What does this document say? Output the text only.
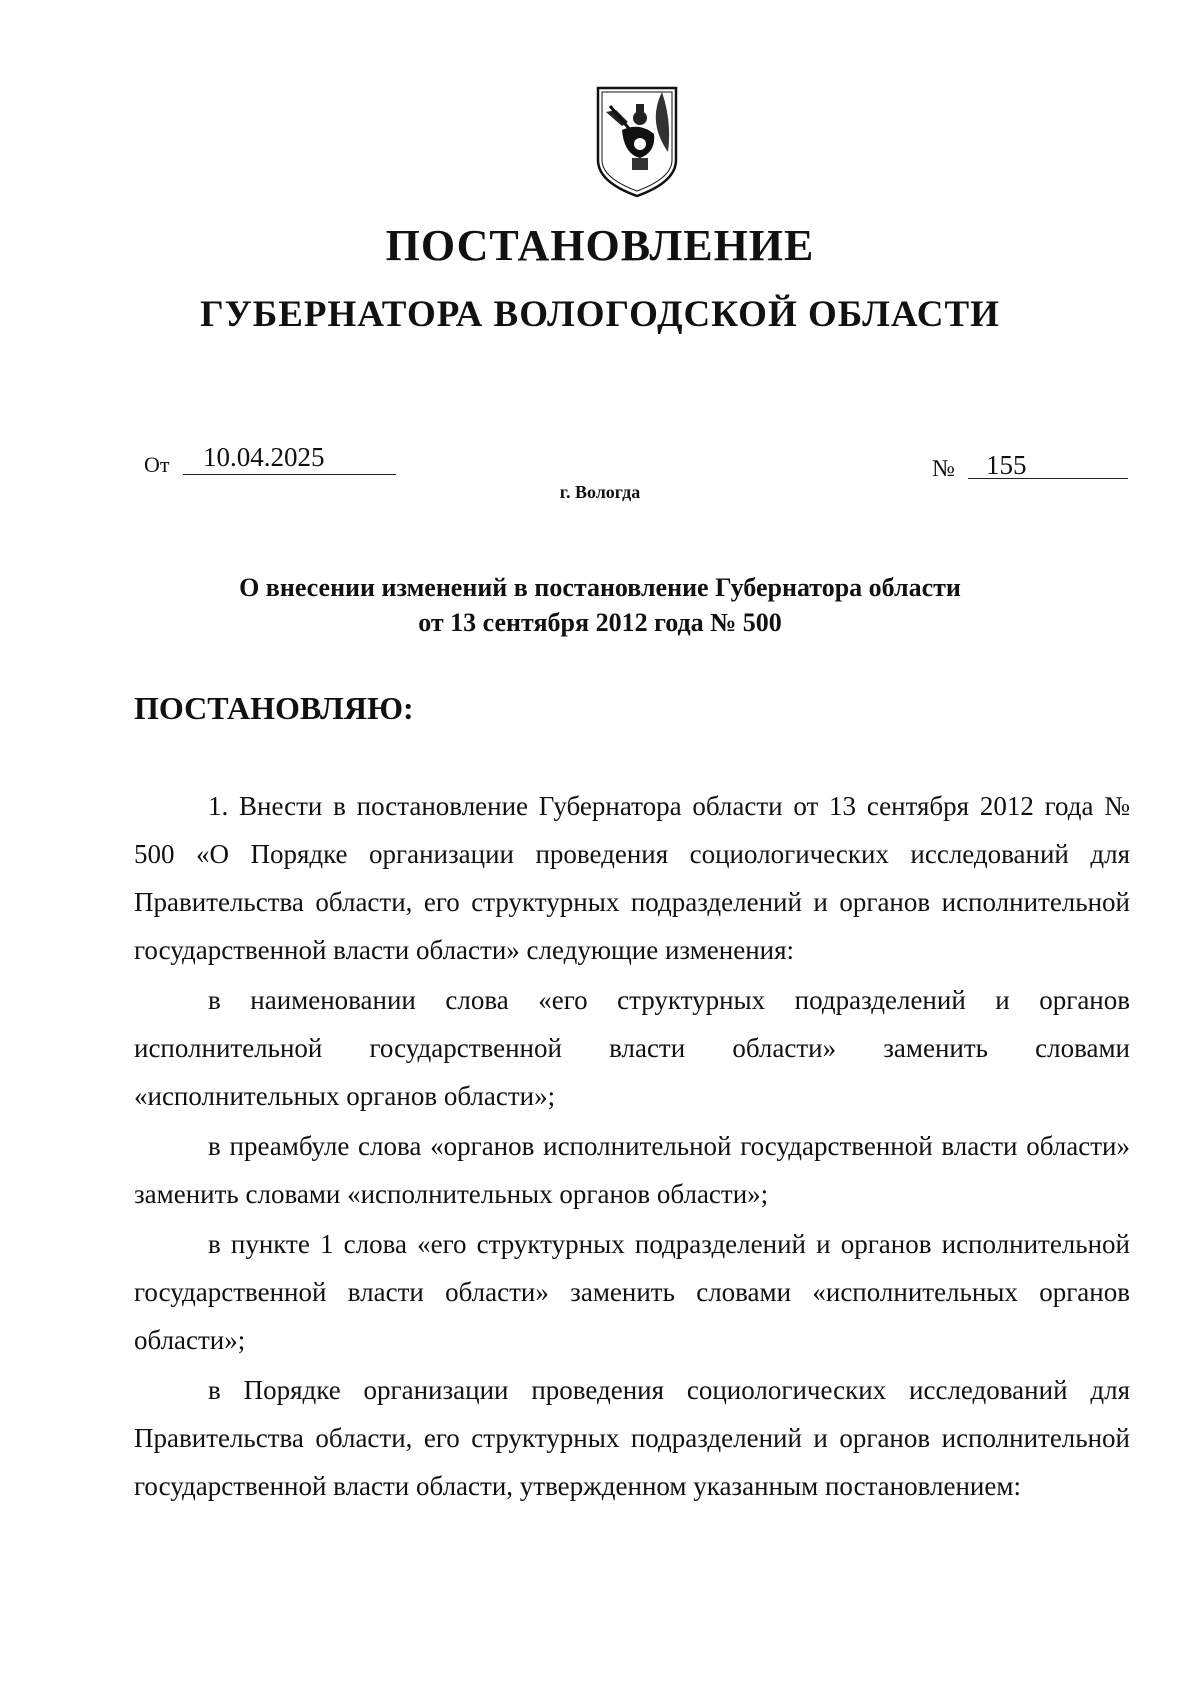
ПОСТАНОВЛЕНИЕ
ГУБЕРНАТОРА ВОЛОГОДСКОЙ ОБЛАСТИ
От 10.04.2025	№ 155
г. Вологда
О внесении изменений в постановление Губернатора области
от 13 сентября 2012 года № 500
ПОСТАНОВЛЯЮ:

1. Внести в постановление Губернатора области от 13 сентября 2012 года № 500 «О Порядке организации проведения социологических исследований для Правительства области, его структурных подразделений и органов исполнительной государственной власти области» следующие изменения:

в наименовании слова «его структурных подразделений и органов исполнительной государственной власти области» заменить словами «исполнительных органов области»;

в преамбуле слова «органов исполнительной государственной власти области» заменить словами «исполнительных органов области»;

в пункте 1 слова «его структурных подразделений и органов исполнительной государственной власти области» заменить словами «исполнительных органов области»;

в Порядке организации проведения социологических исследований для Правительства области, его структурных подразделений и органов исполнительной государственной власти области, утвержденном указанным постановлением:
